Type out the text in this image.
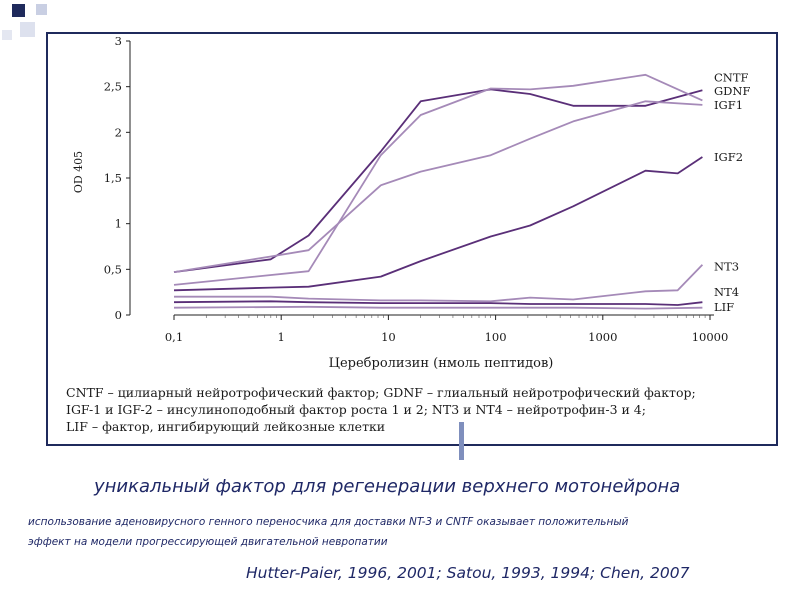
0
0,5
1
1,5
2
2,5
3
0,1	1	10	100	1000	10000
CNTF
GDNF
IGF1
IGF2
NT3
NT4
LIF
Церебролизин (нмоль пептидов)
OD 405
CNTF – цилиарный нейротрофический фактор; GDNF – глиальный нейротрофический фактор;
IGF-1 и IGF-2 – инсулиноподобный фактор роста 1 и 2; NT3 и NT4 – нейротрофин-3 и 4;
LIF – фактор, ингибирующий лейкозные клетки
уникальный фактор для регенерации верхнего мотонейрона
использование аденовирусного генного переносчика для доставки NT-3 и CNTF оказывает положительный
эффект на модели прогрессирующей двигательной невропатии
Hutter-Paier, 1996, 2001; Satou, 1993, 1994; Chen, 2007
